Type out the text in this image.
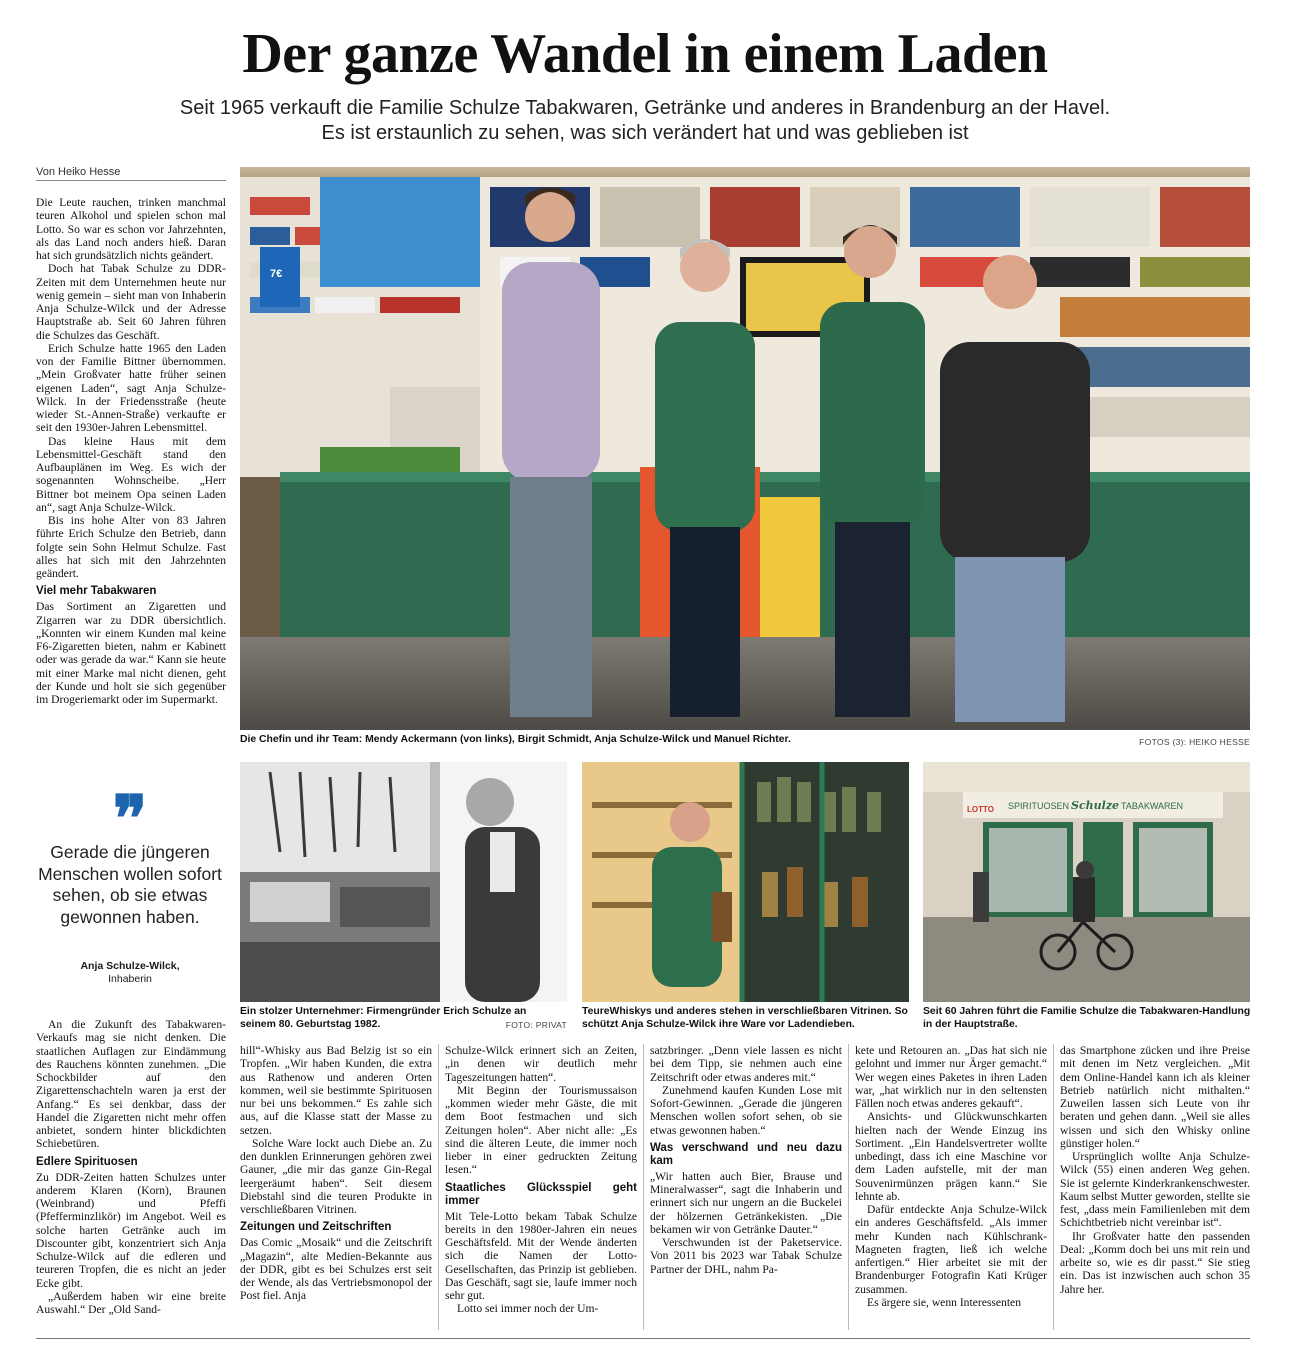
Der ganze Wandel in einem Laden
Seit 1965 verkauft die Familie Schulze Tabakwaren, Getränke und anderes in Brandenburg an der Havel.
Es ist erstaunlich zu sehen, was sich verändert hat und was geblieben ist
Von Heiko Hesse

Die Leute rauchen, trinken manchmal teuren Alkohol und spielen schon mal Lotto. So war es schon vor Jahrzehnten, als das Land noch anders hieß. Daran hat sich grundsätzlich nichts geändert.

Doch hat Tabak Schulze zu DDR-Zeiten mit dem Unternehmen heute nur wenig gemein – sieht man von Inhaberin Anja Schulze-Wilck und der Adresse Hauptstraße ab. Seit 60 Jahren führen die Schulzes das Geschäft.

Erich Schulze hatte 1965 den Laden von der Familie Bittner übernommen. „Mein Großvater hatte früher seinen eigenen Laden“, sagt Anja Schulze-Wilck. In der Friedensstraße (heute wieder St.-Annen-Straße) verkaufte er seit den 1930er-Jahren Lebensmittel.

Das kleine Haus mit dem Lebensmittel-Geschäft stand den Aufbauplänen im Weg. Es wich der sogenannten Wohnscheibe. „Herr Bittner bot meinem Opa seinen Laden an“, sagt Anja Schulze-Wilck.

Bis ins hohe Alter von 83 Jahren führte Erich Schulze den Betrieb, dann folgte sein Sohn Helmut Schulze. Fast alles hat sich mit den Jahrzehnten geändert.

Viel mehr Tabakwaren

Das Sortiment an Zigaretten und Zigarren war zu DDR übersichtlich. „Konnten wir einem Kunden mal keine F6-Zigaretten bieten, nahm er Kabinett oder was gerade da war.“ Kann sie heute mit einer Marke mal nicht dienen, geht der Kunde und holt sie sich gegenüber im Drogeriemarkt oder im Supermarkt.

❞
Gerade die jüngeren Menschen wollen sofort sehen, ob sie etwas gewonnen haben.
Anja Schulze-Wilck,
Inhaberin

An die Zukunft des Tabakwaren-Verkaufs mag sie nicht denken. Die staatlichen Auflagen zur Eindämmung des Rauchens könnten zunehmen. „Die Schockbilder auf den Zigarettenschachteln waren ja erst der Anfang.“ Es sei denkbar, dass der Handel die Zigaretten nicht mehr offen anbietet, sondern hinter blickdichten Schiebetüren.

Edlere Spirituosen

Zu DDR-Zeiten hatten Schulzes unter anderem Klaren (Korn), Braunen (Weinbrand) und Pfeffi (Pfefferminzlikör) im Angebot. Weil es solche harten Getränke auch im Discounter gibt, konzentriert sich Anja Schulze-Wilck auf die edleren und teureren Tropfen, die es nicht an jeder Ecke gibt.

„Außerdem haben wir eine breite Auswahl.“ Der „Old Sand-

7€
Die Chefin und ihr Team: Mendy Ackermann (von links), Birgit Schmidt, Anja Schulze-Wilck und Manuel Richter.	FOTOS (3): HEIKO HESSE
Ein stolzer Unternehmer: Firmengründer Erich Schulze an seinem 80. Geburtstag 1982.	FOTO: PRIVAT
TeureWhiskys und anderes stehen in verschließbaren Vitrinen. So schützt Anja Schulze-Wilck ihre Ware vor Ladendieben.
SPIRITUOSEN Schulze TABAKWAREN
LOTTO
Seit 60 Jahren führt die Familie Schulze die Tabakwaren-Handlung in der Hauptstraße.

hill“-Whisky aus Bad Belzig ist so ein Tropfen. „Wir haben Kunden, die extra aus Rathenow und anderen Orten kommen, weil sie bestimmte Spirituosen nur bei uns bekommen.“ Es zahle sich aus, auf die Klasse statt der Masse zu setzen.

Solche Ware lockt auch Diebe an. Zu den dunklen Erinnerungen gehören zwei Gauner, „die mir das ganze Gin-Regal leergeräumt haben“. Seit diesem Diebstahl sind die teuren Produkte in verschließbaren Vitrinen.

Zeitungen und Zeitschriften

Das Comic „Mosaik“ und die Zeitschrift „Magazin“, alte Medien-Bekannte aus der DDR, gibt es bei Schulzes erst seit der Wende, als das Vertriebsmonopol der Post fiel. Anja

Schulze-Wilck erinnert sich an Zeiten, „in denen wir deutlich mehr Tageszeitungen hatten“.

Mit Beginn der Tourismussaison „kommen wieder mehr Gäste, die mit dem Boot festmachen und sich Zeitungen holen“. Aber nicht alle: „Es sind die älteren Leute, die immer noch lieber in einer gedruckten Zeitung lesen.“

Staatliches Glücksspiel geht immer

Mit Tele-Lotto bekam Tabak Schulze bereits in den 1980er-Jahren ein neues Geschäftsfeld. Mit der Wende änderten sich die Namen der Lotto-Gesellschaften, das Prinzip ist geblieben. Das Geschäft, sagt sie, laufe immer noch sehr gut.

Lotto sei immer noch der Um-

satzbringer. „Denn viele lassen es nicht bei dem Tipp, sie nehmen auch eine Zeitschrift oder etwas anderes mit.“

Zunehmend kaufen Kunden Lose mit Sofort-Gewinnen. „Gerade die jüngeren Menschen wollen sofort sehen, ob sie etwas gewonnen haben.“

Was verschwand und neu dazu kam

„Wir hatten auch Bier, Brause und Mineralwasser“, sagt die Inhaberin und erinnert sich nur ungern an die Buckelei der hölzernen Getränkekisten. „Die bekamen wir von Getränke Dauter.“

Verschwunden ist der Paketservice. Von 2011 bis 2023 war Tabak Schulze Partner der DHL, nahm Pa-

kete und Retouren an. „Das hat sich nie gelohnt und immer nur Ärger gemacht.“ Wer wegen eines Paketes in ihren Laden war, „hat wirklich nur in den seltensten Fällen noch etwas anderes gekauft“.

Ansichts- und Glückwunschkarten hielten nach der Wende Einzug ins Sortiment. „Ein Handelsvertreter wollte unbedingt, dass ich eine Maschine vor dem Laden aufstelle, mit der man Souvenirmünzen prägen kann.“ Sie lehnte ab.

Dafür entdeckte Anja Schulze-Wilck ein anderes Geschäftsfeld. „Als immer mehr Kunden nach Kühlschrank-Magneten fragten, ließ ich welche anfertigen.“ Hier arbeitet sie mit der Brandenburger Fotografin Kati Krüger zusammen.

Es ärgere sie, wenn Interessenten

das Smartphone zücken und ihre Preise mit denen im Netz vergleichen. „Mit dem Online-Handel kann ich als kleiner Betrieb natürlich nicht mithalten.“ Zuweilen lassen sich Leute von ihr beraten und gehen dann. „Weil sie alles wissen und sich den Whisky online günstiger holen.“

Ursprünglich wollte Anja Schulze-Wilck (55) einen anderen Weg gehen. Sie ist gelernte Kinderkrankenschwester. Kaum selbst Mutter geworden, stellte sie fest, „dass mein Familienleben mit dem Schichtbetrieb nicht vereinbar ist“.

Ihr Großvater hatte den passenden Deal: „Komm doch bei uns mit rein und arbeite so, wie es dir passt.“ Sie stieg ein. Das ist inzwischen auch schon 35 Jahre her.
